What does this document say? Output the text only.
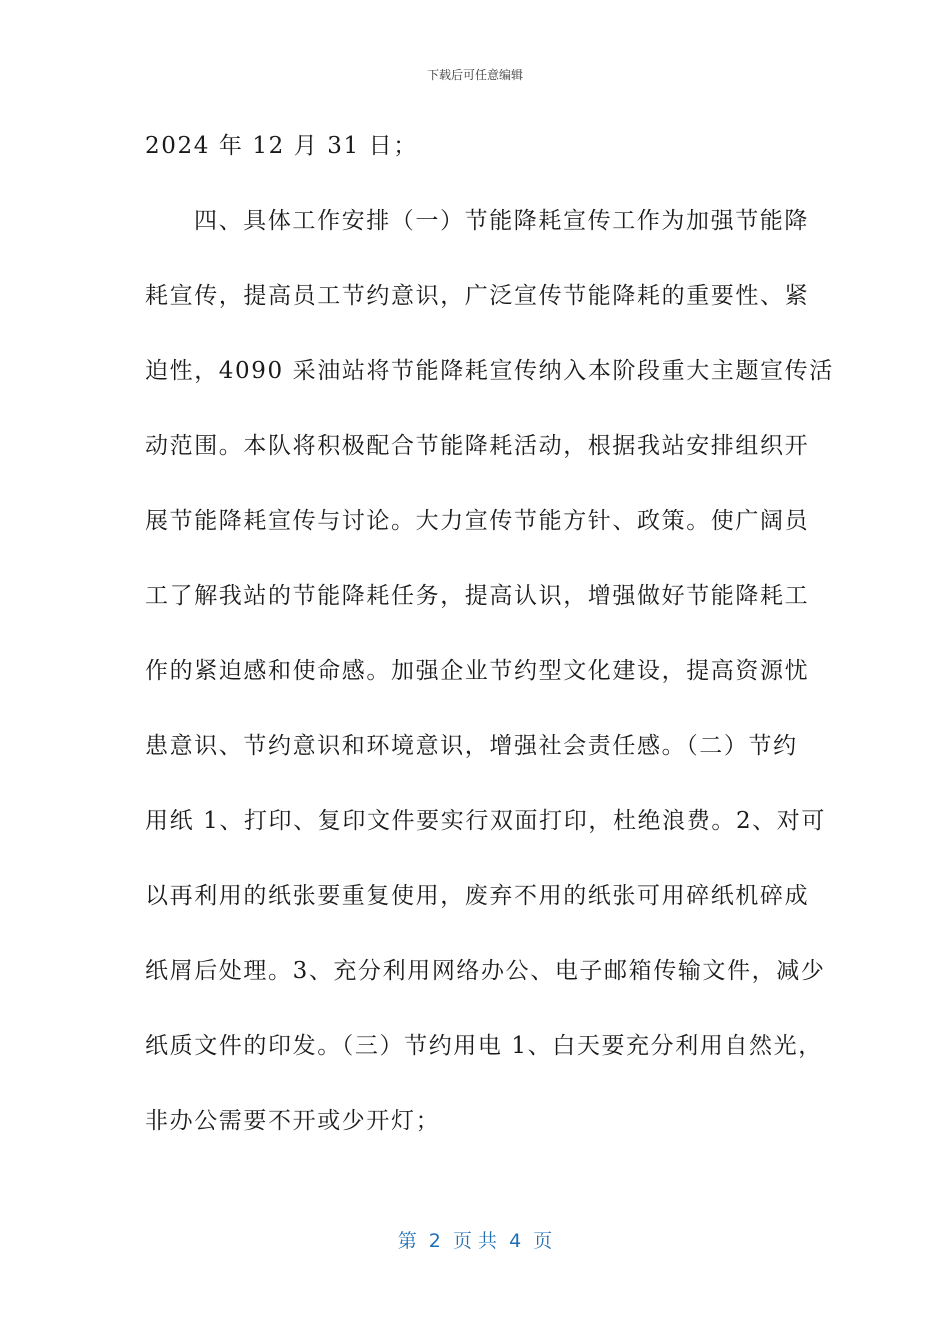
下载后可任意编辑
2024 年 12 月 31 日；
四、具体工作安排（一）节能降耗宣传工作为加强节能降
耗宣传，提高员工节约意识，广泛宣传节能降耗的重要性、紧
迫性，4090 采油站将节能降耗宣传纳入本阶段重大主题宣传活
动范围。本队将积极配合节能降耗活动，根据我站安排组织开
展节能降耗宣传与讨论。大力宣传节能方针、政策。使广阔员
工了解我站的节能降耗任务，提高认识，增强做好节能降耗工
作的紧迫感和使命感。加强企业节约型文化建设，提高资源忧
患意识、节约意识和环境意识，增强社会责任感。（二）节约
用纸 1、打印、复印文件要实行双面打印，杜绝浪费。2、对可
以再利用的纸张要重复使用，废弃不用的纸张可用碎纸机碎成
纸屑后处理。3、充分利用网络办公、电子邮箱传输文件，减少
纸质文件的印发。（三）节约用电 1、白天要充分利用自然光，
非办公需要不开或少开灯；
第  2  页 共  4  页
